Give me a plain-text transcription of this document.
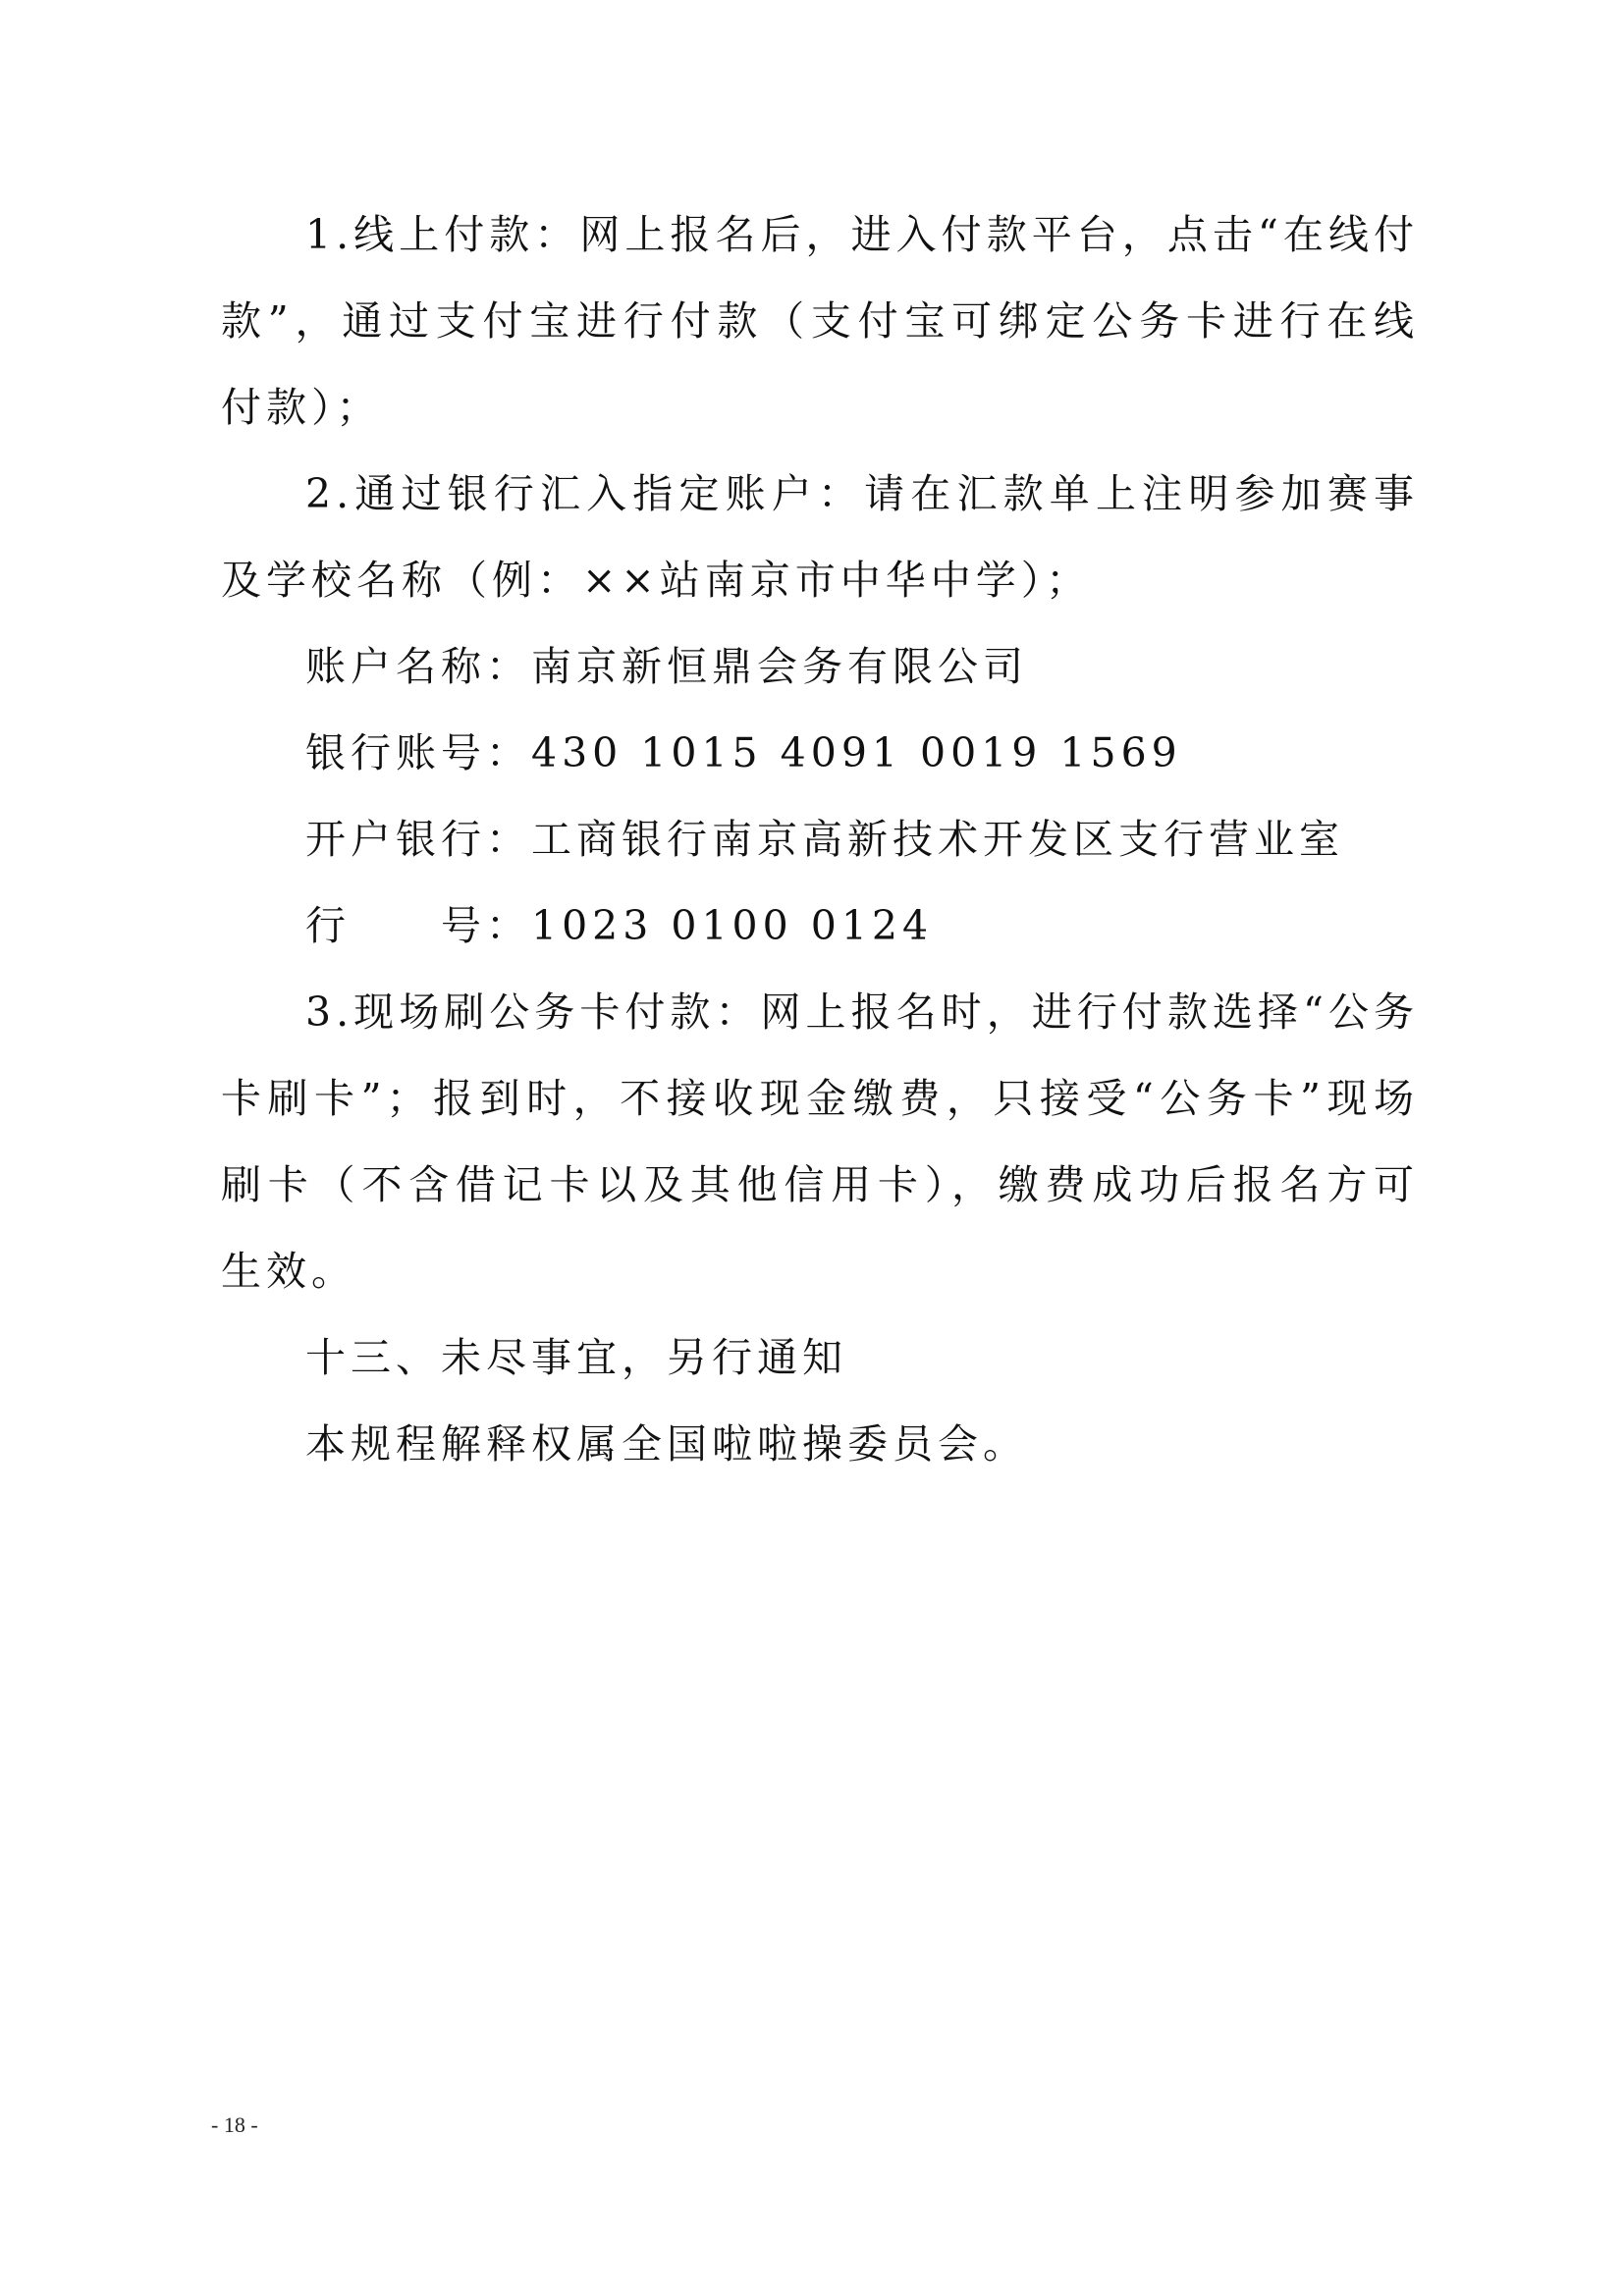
1.线上付款：网上报名后，进入付款平台，点击“在线付款”，通过支付宝进行付款（支付宝可绑定公务卡进行在线付款）；

2.通过银行汇入指定账户：请在汇款单上注明参加赛事及学校名称（例：××站南京市中华中学）；

账户名称：南京新恒鼎会务有限公司

银行账号：430 1015 4091 0019 1569

开户银行：工商银行南京高新技术开发区支行营业室

行　　号：1023 0100 0124

3.现场刷公务卡付款：网上报名时，进行付款选择“公务卡刷卡”；报到时，不接收现金缴费，只接受“公务卡”现场刷卡（不含借记卡以及其他信用卡），缴费成功后报名方可生效。

十三、未尽事宜，另行通知

本规程解释权属全国啦啦操委员会。

- 18 -
